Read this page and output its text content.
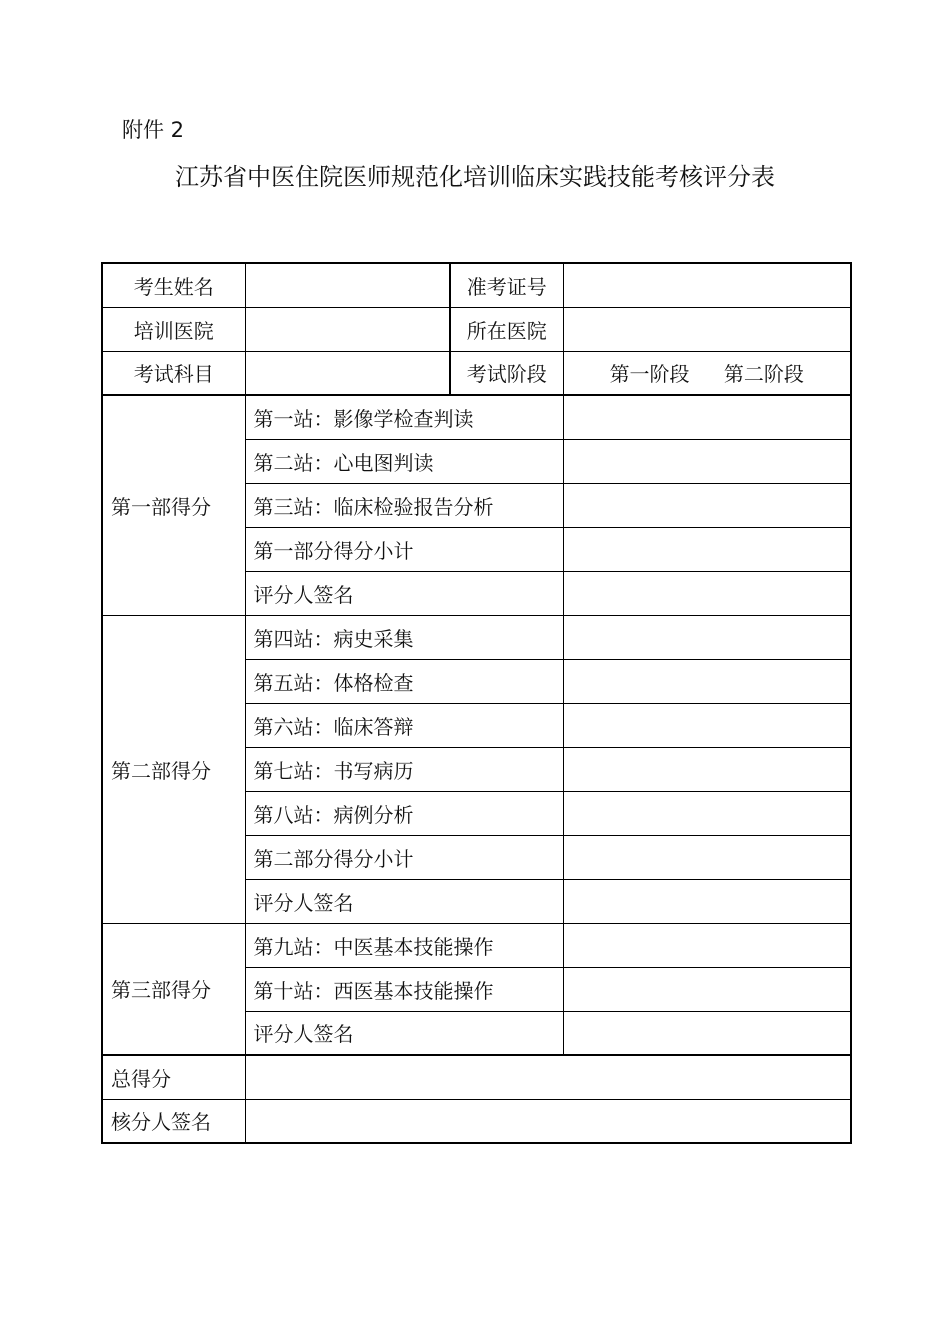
附件 2
江苏省中医住院医师规范化培训临床实践技能考核评分表
考生姓名		准考证号	
培训医院		所在医院	
考试科目		考试阶段	第一阶段 第二阶段
第一部得分	第一站：影像学检查判读		
	第二站：心电图判读		
	第三站：临床检验报告分析		
	第一部分得分小计		
	评分人签名		
第二部得分	第四站：病史采集		
	第五站：体格检查		
	第六站：临床答辩		
	第七站：书写病历		
	第八站：病例分析		
	第二部分得分小计		
	评分人签名		
第三部得分	第九站：中医基本技能操作		
	第十站：西医基本技能操作		
	评分人签名		
总得分			
核分人签名			
